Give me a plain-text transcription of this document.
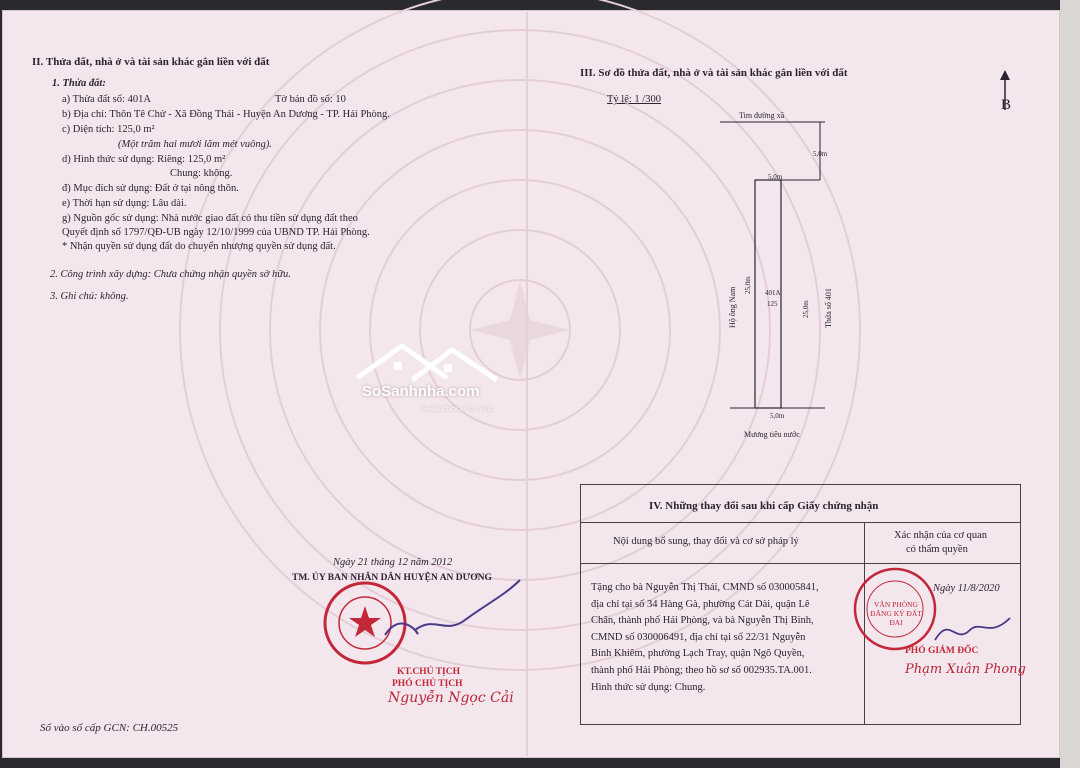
II. Thửa đất, nhà ở và tài sản khác gắn liền với đất
1. Thửa đất:
a) Thửa đất số: 401A	Tờ bản đồ số: 10
b) Địa chỉ: Thôn Tê Chử - Xã Đồng Thái - Huyện An Dương - TP. Hải Phòng.
c) Diện tích: 125,0 m²
(Một trăm hai mươi lăm mét vuông).
d) Hình thức sử dụng: Riêng: 125,0 m²
Chung: không.
đ) Mục đích sử dụng: Đất ở tại nông thôn.
e) Thời hạn sử dụng: Lâu dài.
g) Nguồn gốc sử dụng: Nhà nước giao đất có thu tiền sử dụng đất theo
Quyết định số 1797/QĐ-UB ngày 12/10/1999 của UBND TP. Hải Phòng.
* Nhận quyền sử dụng đất do chuyển nhượng quyền sử dụng đất.
2. Công trình xây dựng: Chưa chứng nhận quyền sở hữu.
3. Ghi chú: không.
SoSanhnha.com
Great choice for you
Ngày 21 tháng 12 năm 2012
TM. ỦY BAN NHÂN DÂN HUYỆN AN DƯƠNG
KT.CHỦ TỊCH
PHÓ CHỦ TỊCH
Nguyễn Ngọc Cải
Số vào sổ cấp GCN: CH.00525
III. Sơ đồ thửa đất, nhà ở và tài sản khác gắn liền với đất
Tỷ lệ: 1 /300	B
Tim đường xã
5,0m
5,0m
401A
125
25,0m
25,0m
Hộ ông Nam	Thửa số 401
5,0m
Mương tiêu nước
IV. Những thay đổi sau khi cấp Giấy chứng nhận
Nội dung bổ sung, thay đổi và cơ sở pháp lý
Xác nhận của cơ quan
có thẩm quyền
Tặng cho bà Nguyễn Thị Thái, CMND số 030005841,
địa chỉ tại số 34 Hàng Gà, phường Cát Dài, quận Lê
Chân, thành phố Hải Phòng, và bà Nguyễn Thị Bình,
CMND số 030006491, địa chỉ tại số 22/31 Nguyễn
Bỉnh Khiêm, phường Lạch Tray, quận Ngô Quyền,
thành phố Hải Phòng; theo hồ sơ số 002935.TA.001.
Hình thức sử dụng: Chung.
VĂN PHÒNG ĐĂNG KÝ ĐẤT ĐAI
Ngày 11/8/2020
PHÓ GIÁM ĐỐC
Phạm Xuân Phong
